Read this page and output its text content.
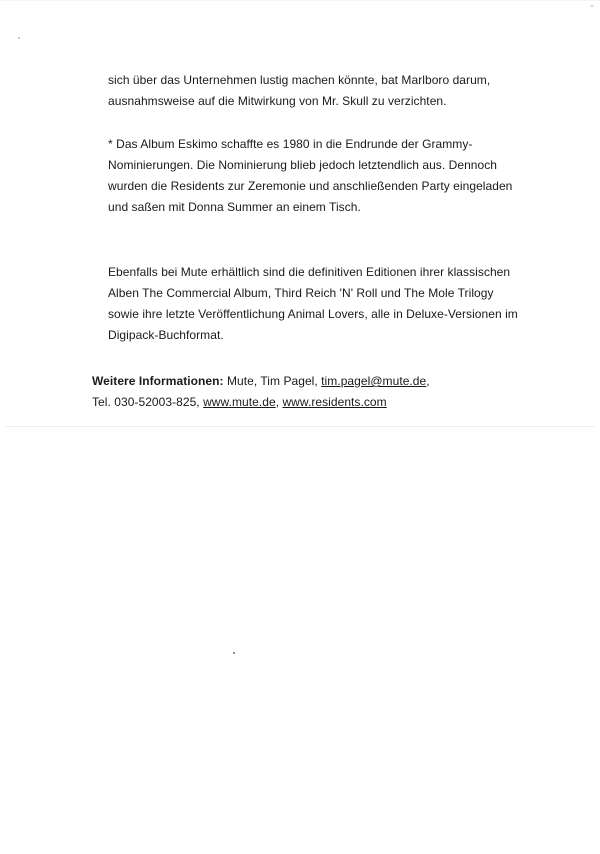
sich über das Unternehmen lustig machen könnte, bat Marlboro darum,
ausnahmsweise auf die Mitwirkung von Mr. Skull zu verzichten.
* Das Album Eskimo schaffte es 1980 in die Endrunde der Grammy-
Nominierungen. Die Nominierung blieb jedoch letztendlich aus. Dennoch
wurden die Residents zur Zeremonie und anschließenden Party eingeladen
und saßen mit Donna Summer an einem Tisch.
Ebenfalls bei Mute erhältlich sind die definitiven Editionen ihrer klassischen
Alben The Commercial Album, Third Reich 'N' Roll und The Mole Trilogy
sowie ihre letzte Veröffentlichung Animal Lovers, alle in Deluxe-Versionen im
Digipack-Buchformat.
Weitere Informationen: Mute, Tim Pagel, tim.pagel@mute.de,
Tel. 030-52003-825, www.mute.de, www.residents.com
